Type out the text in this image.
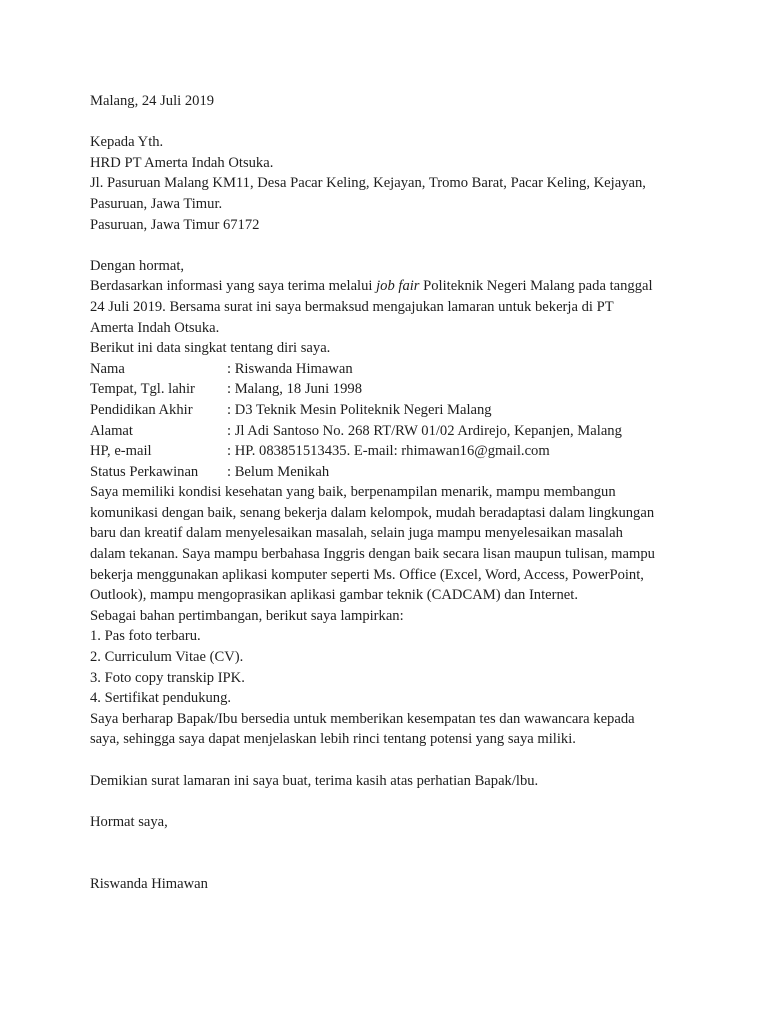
Malang, 24 Juli 2019
Kepada Yth.
HRD PT Amerta Indah Otsuka.
Jl. Pasuruan Malang KM11, Desa Pacar Keling, Kejayan, Tromo Barat, Pacar Keling, Kejayan,
Pasuruan, Jawa Timur.
Pasuruan, Jawa Timur 67172
Dengan hormat,
Berdasarkan informasi yang saya terima melalui job fair Politeknik Negeri Malang pada tanggal
24 Juli 2019. Bersama surat ini saya bermaksud mengajukan lamaran untuk bekerja di PT
Amerta Indah Otsuka.
Berikut ini data singkat tentang diri saya.
Nama	: Riswanda Himawan
Tempat, Tgl. lahir	: Malang, 18 Juni 1998
Pendidikan Akhir	: D3 Teknik Mesin Politeknik Negeri Malang
Alamat	: Jl Adi Santoso No. 268 RT/RW 01/02 Ardirejo, Kepanjen, Malang
HP, e-mail	: HP. 083851513435. E-mail: rhimawan16@gmail.com
Status Perkawinan	: Belum Menikah
Saya memiliki kondisi kesehatan yang baik, berpenampilan menarik, mampu membangun
komunikasi dengan baik, senang bekerja dalam kelompok, mudah beradaptasi dalam lingkungan
baru dan kreatif dalam menyelesaikan masalah, selain juga mampu menyelesaikan masalah
dalam tekanan. Saya mampu berbahasa Inggris dengan baik secara lisan maupun tulisan, mampu
bekerja menggunakan aplikasi komputer seperti Ms. Office (Excel, Word, Access, PowerPoint,
Outlook), mampu mengoprasikan aplikasi gambar teknik (CADCAM) dan Internet.
Sebagai bahan pertimbangan, berikut saya lampirkan:
1. Pas foto terbaru.
2. Curriculum Vitae (CV).
3. Foto copy transkip IPK.
4. Sertifikat pendukung.
Saya berharap Bapak/Ibu bersedia untuk memberikan kesempatan tes dan wawancara kepada
saya, sehingga saya dapat menjelaskan lebih rinci tentang potensi yang saya miliki.
Demikian surat lamaran ini saya buat, terima kasih atas perhatian Bapak/lbu.
Hormat saya,
Riswanda Himawan
